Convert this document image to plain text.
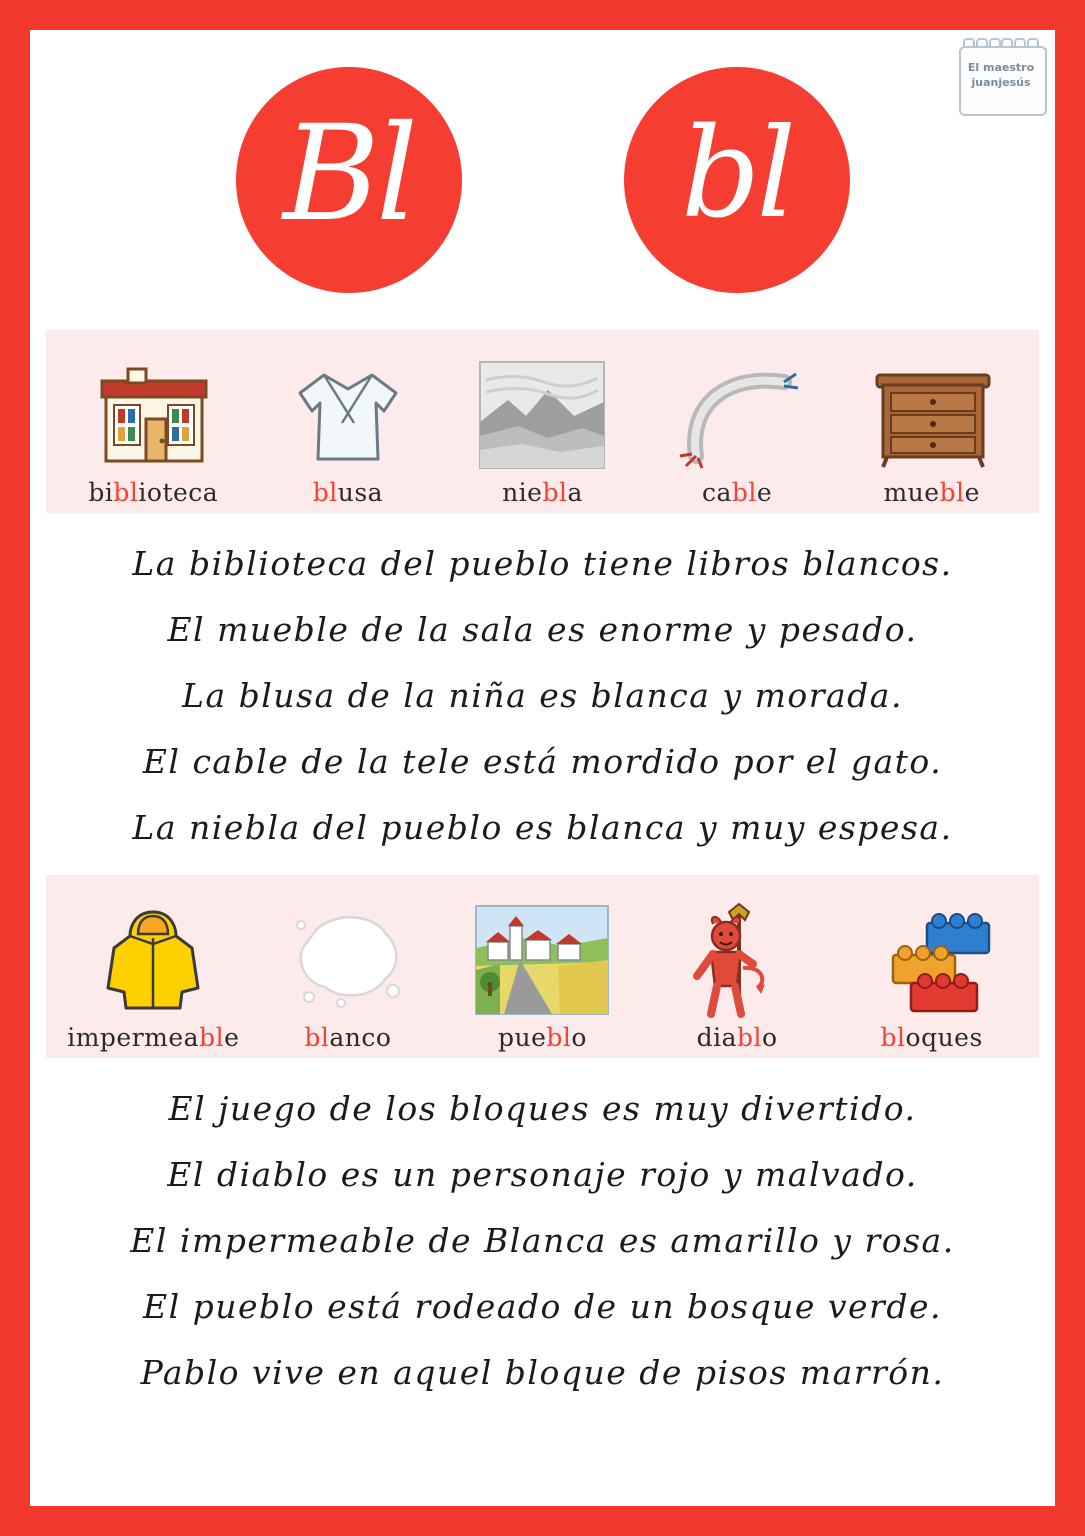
El maestro
juanjesús
Bl bl
biblioteca	blusa	niebla	cable	mueble
La biblioteca del pueblo tiene libros blancos.
El mueble de la sala es enorme y pesado.
La blusa de la niña es blanca y morada.
El cable de la tele está mordido por el gato.
La niebla del pueblo es blanca y muy espesa.
impermeable	blanco	pueblo	diablo	bloques
El juego de los bloques es muy divertido.
El diablo es un personaje rojo y malvado.
El impermeable de Blanca es amarillo y rosa.
El pueblo está rodeado de un bosque verde.
Pablo vive en aquel bloque de pisos marrón.
